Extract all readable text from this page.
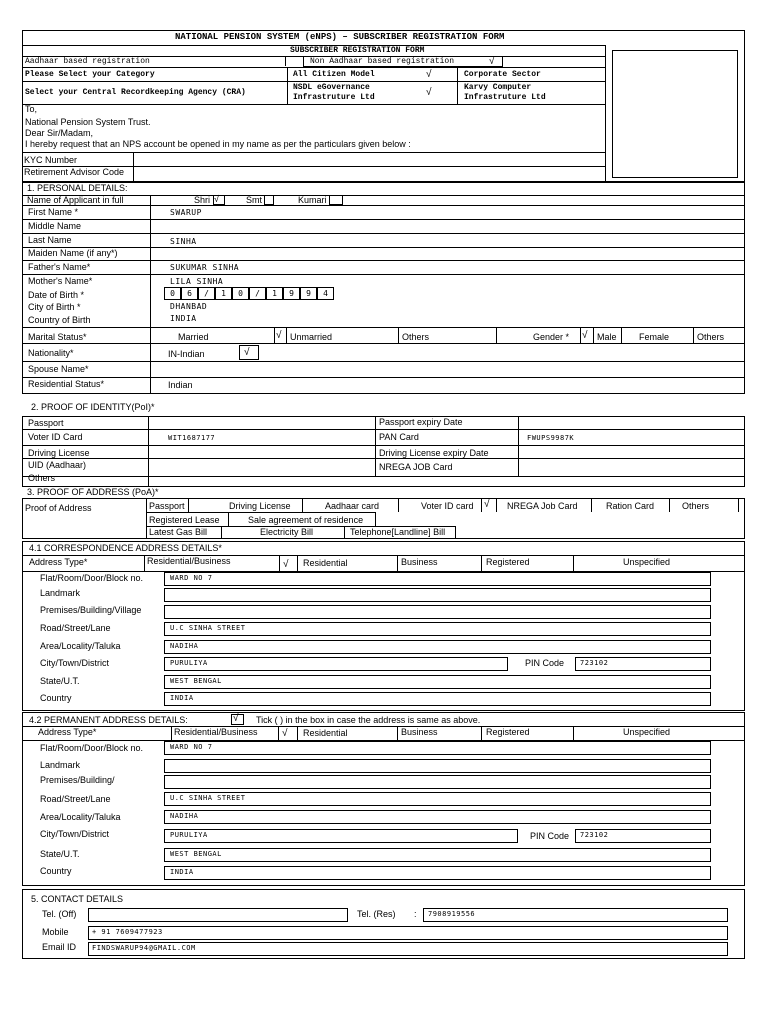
NATIONAL PENSION SYSTEM (eNPS) – SUBSCRIBER REGISTRATION FORM
SUBSCRIBER REGISTRATION FORM
Aadhaar based registration	Non Aadhaar based registration	√
Please Select your Category	All Citizen Model	√	Corporate Sector
Select your Central Recordkeeping Agency (CRA)
NSDL eGovernance Infrastruture Ltd	√	Karvy Computer Infrastruture Ltd
To,
National Pension System Trust.
Dear Sir/Madam,
I hereby request that an NPS account be opened in my name as per the particulars given below :
KYC Number
Retirement Advisor Code
1. PERSONAL DETAILS:
Name of Applicant in full	Shri √	Smt	Kumari
First Name *	SWARUP
Middle Name
Last Name	SINHA
Maiden Name (if any*)
Father's Name*	SUKUMAR SINHA
Mother's Name*	LILA SINHA
Date of Birth *	0	6	/	1	0	/	1	9	9	4
City of Birth *	DHANBAD
Country of Birth	INDIA
Marital Status*	Married	√ Unmarried	Others	Gender * √ Male Female	Others
Nationality*	IN-Indian	√
Spouse Name*
Residential Status*	Indian
2. PROOF OF IDENTITY(PoI)*
Passport	Passport expiry Date
Voter ID Card	WIT1687177	PAN Card	FWUPS9987K
Driving License	Driving License expiry Date
UID (Aadhaar)	NREGA JOB Card
Others
3. PROOF OF ADDRESS (PoA)*
Proof of Address	Passport	Driving License	Aadhaar card	Voter ID card √ NREGA Job Card	Ration Card	Others
Registered Lease	Sale agreement of residence
Latest Gas Bill	Electricity Bill	Telephone[Landline] Bill
4.1 CORRESPONDENCE ADDRESS DETAILS*
Address Type*	Residential/Business	√ Residential	Business	Registered	Unspecified
Flat/Room/Door/Block no.	WARD NO 7
Landmark
Premises/Building/Village
Road/Street/Lane	U.C SINHA STREET
Area/Locality/Taluka	NADIHA
City/Town/District	PURULIYA	PIN Code 723102
State/U.T.	WEST BENGAL
Country	INDIA
4.2 PERMANENT ADDRESS DETAILS:	√ Tick ( ) in the box in case the address is same as above.
Address Type*	Residential/Business √ Residential	Business	Registered	Unspecified
Flat/Room/Door/Block no.	WARD NO 7
Landmark
Premises/Building/
Road/Street/Lane	U.C SINHA STREET
Area/Locality/Taluka	NADIHA
City/Town/District	PURULIYA	PIN Code 723102
State/U.T.	WEST BENGAL
Country	INDIA
5. CONTACT DETAILS
Tel. (Off)	Tel. (Res) : 7908919556
Mobile	+ 91 7609477923
Email ID FINDSWARUP94@GMAIL.COM
